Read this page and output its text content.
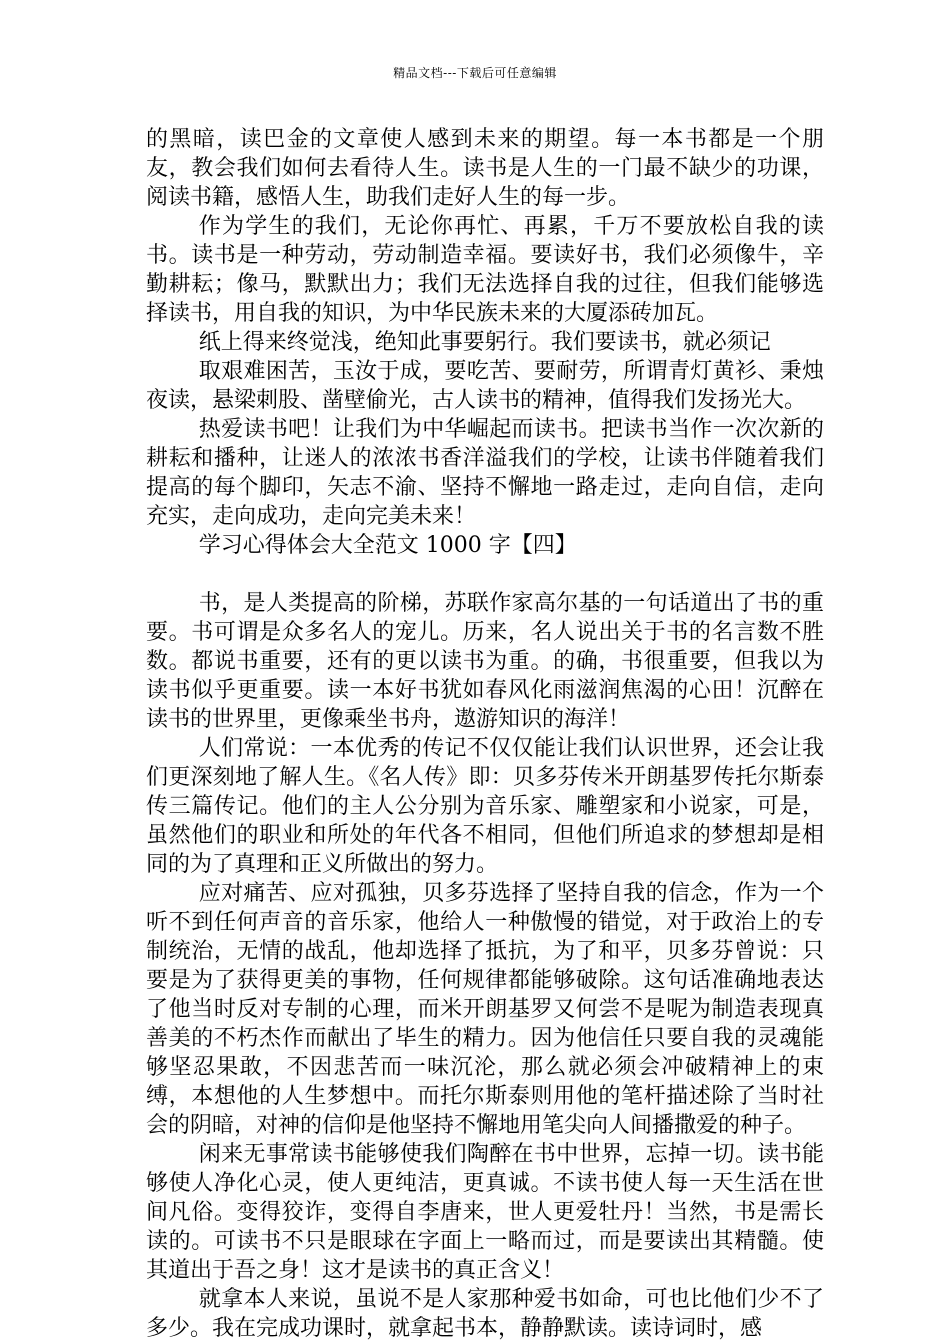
精品文档---下载后可任意编辑

的黑暗，读巴金的文章使人感到未来的期望。每一本书都是一个朋友，教会我们如何去看待人生。读书是人生的一门最不缺少的功课，阅读书籍，感悟人生，助我们走好人生的每一步。

作为学生的我们，无论你再忙、再累，千万不要放松自我的读书。读书是一种劳动，劳动制造幸福。要读好书，我们必须像牛，辛勤耕耘；像马，默默出力；我们无法选择自我的过往，但我们能够选择读书，用自我的知识，为中华民族未来的大厦添砖加瓦。

纸上得来终觉浅，绝知此事要躬行。我们要读书，就必须记

取艰难困苦，玉汝于成，要吃苦、要耐劳，所谓青灯黄衫、秉烛夜读，悬梁刺股、凿壁偷光，古人读书的精神，值得我们发扬光大。

热爱读书吧！让我们为中华崛起而读书。把读书当作一次次新的耕耘和播种，让迷人的浓浓书香洋溢我们的学校，让读书伴随着我们提高的每个脚印，矢志不渝、坚持不懈地一路走过，走向自信，走向充实，走向成功，走向完美未来！

学习心得体会大全范文 1000 字【四】

书，是人类提高的阶梯，苏联作家高尔基的一句话道出了书的重要。书可谓是众多名人的宠儿。历来，名人说出关于书的名言数不胜数。都说书重要，还有的更以读书为重。的确，书很重要，但我以为读书似乎更重要。读一本好书犹如春风化雨滋润焦渴的心田！沉醉在读书的世界里，更像乘坐书舟，遨游知识的海洋！

人们常说：一本优秀的传记不仅仅能让我们认识世界，还会让我们更深刻地了解人生。《名人传》即：贝多芬传米开朗基罗传托尔斯泰传三篇传记。他们的主人公分别为音乐家、雕塑家和小说家，可是，虽然他们的职业和所处的年代各不相同，但他们所追求的梦想却是相同的为了真理和正义所做出的努力。

应对痛苦、应对孤独，贝多芬选择了坚持自我的信念，作为一个听不到任何声音的音乐家，他给人一种傲慢的错觉，对于政治上的专制统治，无情的战乱，他却选择了抵抗，为了和平，贝多芬曾说：只要是为了获得更美的事物，任何规律都能够破除。这句话准确地表达了他当时反对专制的心理，而米开朗基罗又何尝不是呢为制造表现真善美的不朽杰作而献出了毕生的精力。因为他信任只要自我的灵魂能够坚忍果敢，不因悲苦而一味沉沦，那么就必须会冲破精神上的束缚，本想他的人生梦想中。而托尔斯泰则用他的笔杆描述除了当时社会的阴暗，对神的信仰是他坚持不懈地用笔尖向人间播撒爱的种子。

闲来无事常读书能够使我们陶醉在书中世界，忘掉一切。读书能够使人净化心灵，使人更纯洁，更真诚。不读书使人每一天生活在世间凡俗。变得狡诈，变得自李唐来，世人更爱牡丹！当然，书是需长读的。可读书不只是眼球在字面上一略而过，而是要读出其精髓。使其道出于吾之身！这才是读书的真正含义！

就拿本人来说，虽说不是人家那种爱书如命，可也比他们少不了多少。我在完成功课时，就拿起书本，静静默读。读诗词时，感
